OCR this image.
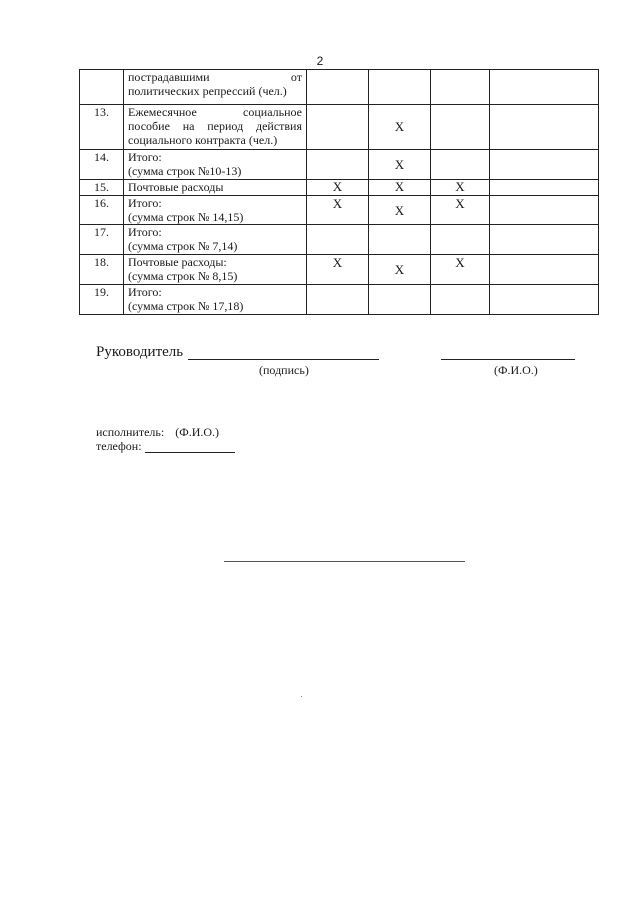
2

	пострадавшими от
политических репрессий (чел.)				

13.	Ежемесячное социальное
пособие на период действия
социального контракта (чел.)		X		
14.	Итого:
(сумма строк №10-13)		X		
15.	Почтовые расходы	X	X	X	
16.	Итого:
(сумма строк № 14,15)	X	X	X	
17.	Итого:
(сумма строк № 7,14)				

18.	Почтовые расходы:
(сумма строк № 8,15)	X	X	X	
19.	Итого:
(сумма строк № 17,18)				

Руководитель
(подпись)	(Ф.И.О.)
исполнитель: (Ф.И.О.)
телефон:
